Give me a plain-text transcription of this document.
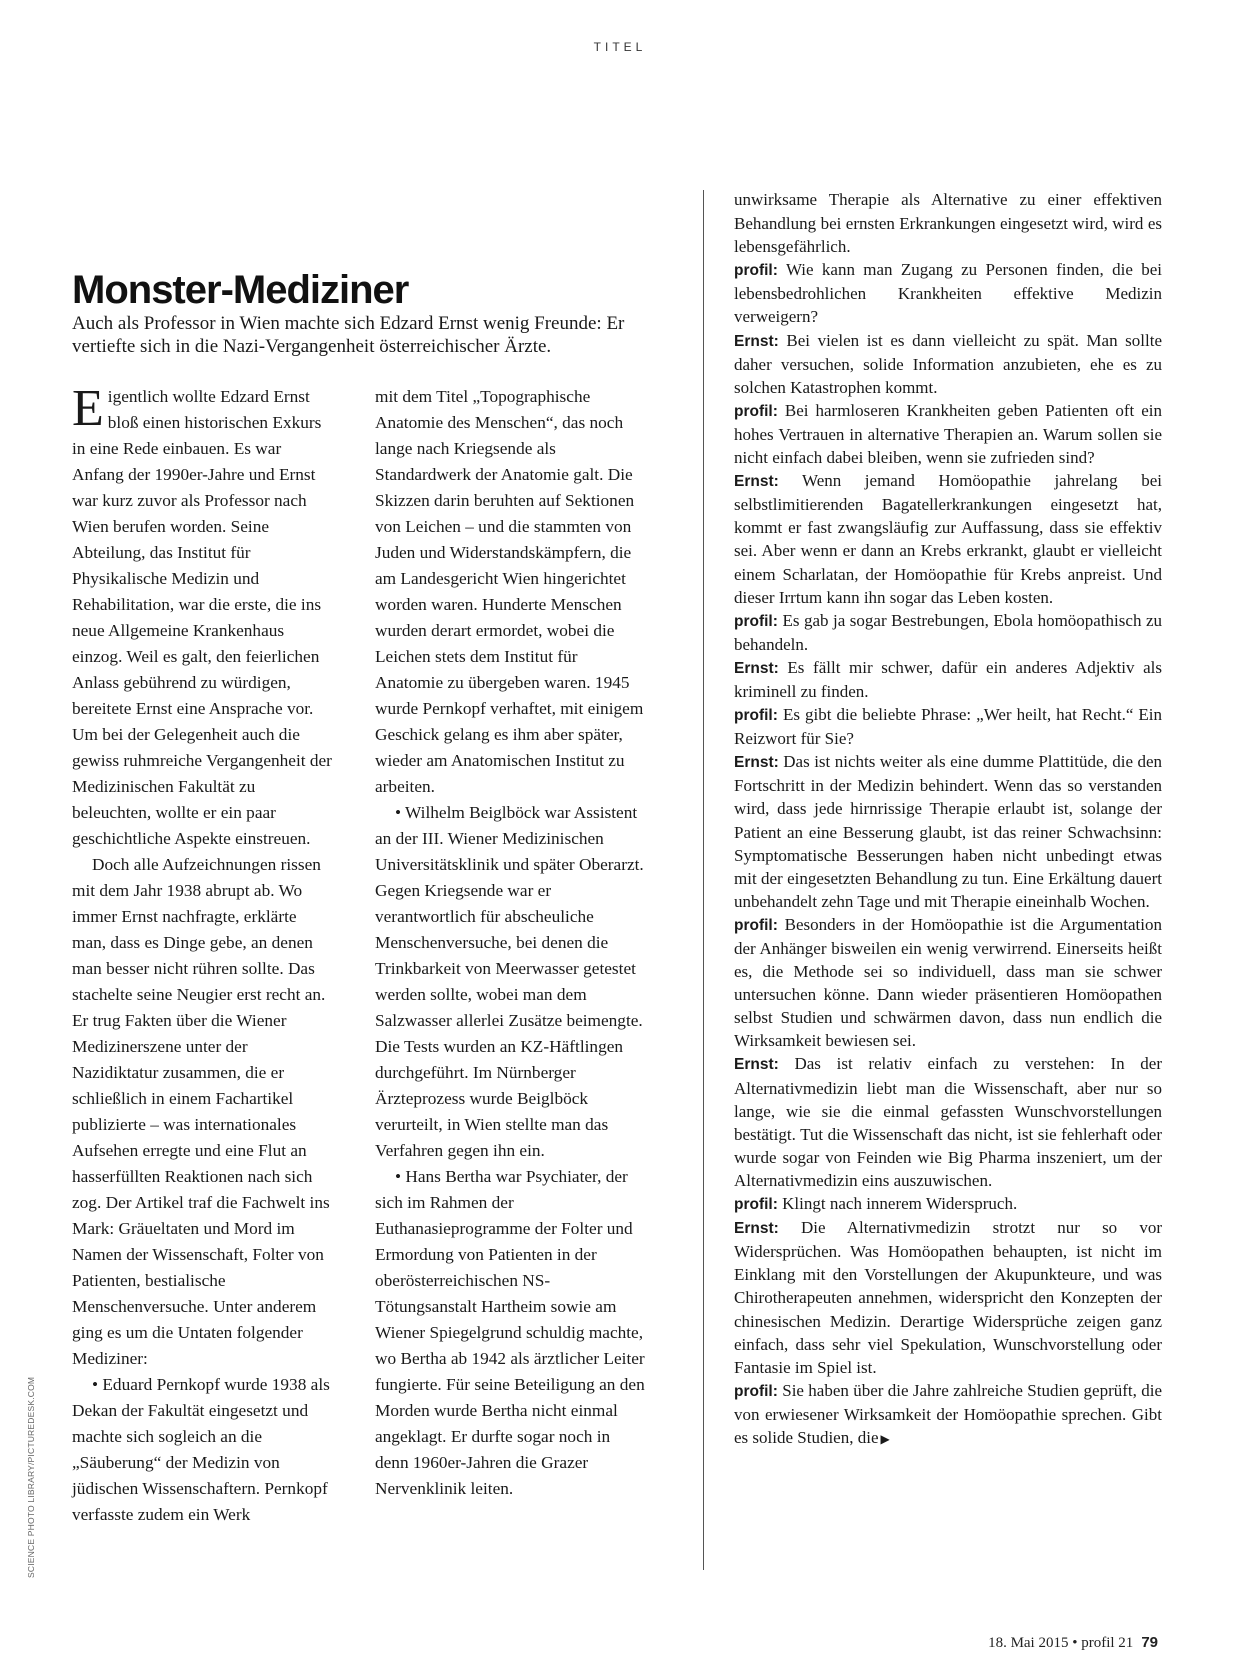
TITEL
Monster-Mediziner

Auch als Professor in Wien machte sich Edzard Ernst wenig Freunde: Er vertiefte sich in die Nazi-Vergangenheit österreichischer Ärzte.

Eigentlich wollte Edzard Ernst bloß einen historischen Exkurs in eine Rede einbauen. Es war Anfang der 1990er-Jahre und Ernst war kurz zuvor als Professor nach Wien berufen worden. Seine Abteilung, das Institut für Physikalische Medizin und Rehabilitation, war die erste, die ins neue Allgemeine Krankenhaus einzog. Weil es galt, den feierlichen Anlass gebührend zu würdigen, bereitete Ernst eine Ansprache vor. Um bei der Gelegenheit auch die gewiss ruhmreiche Vergangenheit der Medizinischen Fakultät zu beleuchten, wollte er ein paar geschichtliche Aspekte einstreuen.

Doch alle Aufzeichnungen rissen mit dem Jahr 1938 abrupt ab. Wo immer Ernst nachfragte, erklärte man, dass es Dinge gebe, an denen man besser nicht rühren sollte. Das stachelte seine Neugier erst recht an. Er trug Fakten über die Wiener Medizinerszene unter der Nazidiktatur zusammen, die er schließlich in einem Fachartikel publizierte – was internationales Aufsehen erregte und eine Flut an hasserfüllten Reaktionen nach sich zog. Der Artikel traf die Fachwelt ins Mark: Gräueltaten und Mord im Namen der Wissenschaft, Folter von Patienten, bestialische Menschenversuche. Unter anderem ging es um die Untaten folgender Mediziner:

• Eduard Pernkopf wurde 1938 als Dekan der Fakultät eingesetzt und machte sich sogleich an die „Säuberung“ der Medizin von jüdischen Wissenschaftern. Pernkopf verfasste zudem ein Werk

mit dem Titel „Topographische Anatomie des Menschen“, das noch lange nach Kriegsende als Standardwerk der Anatomie galt. Die Skizzen darin beruhten auf Sektionen von Leichen – und die stammten von Juden und Widerstandskämpfern, die am Landesgericht Wien hingerichtet worden waren. Hunderte Menschen wurden derart ermordet, wobei die Leichen stets dem Institut für Anatomie zu übergeben waren. 1945 wurde Pernkopf verhaftet, mit einigem Geschick gelang es ihm aber später, wieder am Anatomischen Institut zu arbeiten.

• Wilhelm Beiglböck war Assistent an der III. Wiener Medizinischen Universitätsklinik und später Oberarzt. Gegen Kriegsende war er verantwortlich für abscheuliche Menschenversuche, bei denen die Trinkbarkeit von Meerwasser getestet werden sollte, wobei man dem Salzwasser allerlei Zusätze beimengte. Die Tests wurden an KZ-Häftlingen durchgeführt. Im Nürnberger Ärzteprozess wurde Beiglböck verurteilt, in Wien stellte man das Verfahren gegen ihn ein.

• Hans Bertha war Psychiater, der sich im Rahmen der Euthanasieprogramme der Folter und Ermordung von Patienten in der oberösterreichischen NS-Tötungsanstalt Hartheim sowie am Wiener Spiegelgrund schuldig machte, wo Bertha ab 1942 als ärztlicher Leiter fungierte. Für seine Beteiligung an den Morden wurde Bertha nicht einmal angeklagt. Er durfte sogar noch in denn 1960er-Jahren die Grazer Nervenklinik leiten.

unwirksame Therapie als Alternative zu einer effektiven Behandlung bei ernsten Erkrankungen eingesetzt wird, wird es lebensgefährlich.

profil: Wie kann man Zugang zu Personen finden, die bei lebensbedrohlichen Krankheiten effektive Medizin verweigern?

Ernst: Bei vielen ist es dann vielleicht zu spät. Man sollte daher versuchen, solide Information anzubieten, ehe es zu solchen Katastrophen kommt.

profil: Bei harmloseren Krankheiten geben Patienten oft ein hohes Vertrauen in alternative Therapien an. Warum sollen sie nicht einfach dabei bleiben, wenn sie zufrieden sind?

Ernst: Wenn jemand Homöopathie jahrelang bei selbstlimitierenden Bagatellerkrankungen eingesetzt hat, kommt er fast zwangsläufig zur Auffassung, dass sie effektiv sei. Aber wenn er dann an Krebs erkrankt, glaubt er vielleicht einem Scharlatan, der Homöopathie für Krebs anpreist. Und dieser Irrtum kann ihn sogar das Leben kosten.

profil: Es gab ja sogar Bestrebungen, Ebola homöopathisch zu behandeln.

Ernst: Es fällt mir schwer, dafür ein anderes Adjektiv als kriminell zu finden.

profil: Es gibt die beliebte Phrase: „Wer heilt, hat Recht.“ Ein Reizwort für Sie?

Ernst: Das ist nichts weiter als eine dumme Plattitüde, die den Fortschritt in der Medizin behindert. Wenn das so verstanden wird, dass jede hirnrissige Therapie erlaubt ist, solange der Patient an eine Besserung glaubt, ist das reiner Schwachsinn: Symptomatische Besserungen haben nicht unbedingt etwas mit der eingesetzten Behandlung zu tun. Eine Erkältung dauert unbehandelt zehn Tage und mit Therapie eineinhalb Wochen.

profil: Besonders in der Homöopathie ist die Argumentation der Anhänger bisweilen ein wenig verwirrend. Einerseits heißt es, die Methode sei so individuell, dass man sie schwer untersuchen könne. Dann wieder präsentieren Homöopathen selbst Studien und schwärmen davon, dass nun endlich die Wirksamkeit bewiesen sei.

Ernst: Das ist relativ einfach zu verstehen: In der Alternativmedizin liebt man die Wissenschaft, aber nur so lange, wie sie die einmal gefassten Wunschvorstellungen bestätigt. Tut die Wissenschaft das nicht, ist sie fehlerhaft oder wurde sogar von Feinden wie Big Pharma inszeniert, um der Alternativmedizin eins auszuwischen.

profil: Klingt nach innerem Widerspruch.

Ernst: Die Alternativmedizin strotzt nur so vor Widersprüchen. Was Homöopathen behaupten, ist nicht im Einklang mit den Vorstellungen der Akupunkteure, und was Chirotherapeuten annehmen, widerspricht den Konzepten der chinesischen Medizin. Derartige Widersprüche zeigen ganz einfach, dass sehr viel Spekulation, Wunschvorstellung oder Fantasie im Spiel ist.

profil: Sie haben über die Jahre zahlreiche Studien geprüft, die von erwiesener Wirksamkeit der Homöopathie sprechen. Gibt es solide Studien, die ▶

SCIENCE PHOTO LIBRARY/PICTUREDESK.COM
18. Mai 2015 • profil 21 79
